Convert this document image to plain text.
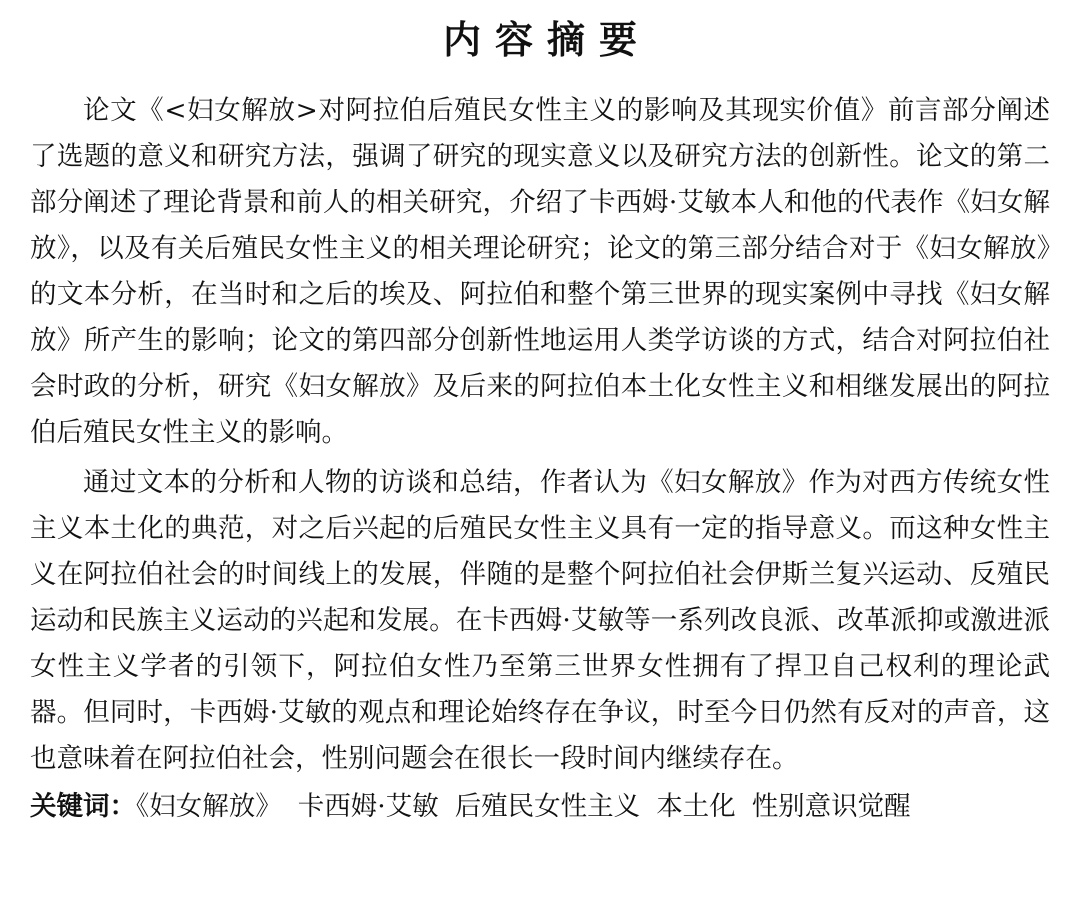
内容摘要

论文《<妇女解放>对阿拉伯后殖民女性主义的影响及其现实价值》前言部分阐述了选题的意义和研究方法，强调了研究的现实意义以及研究方法的创新性。论文的第二部分阐述了理论背景和前人的相关研究，介绍了卡西姆·艾敏本人和他的代表作《妇女解放》，以及有关后殖民女性主义的相关理论研究；论文的第三部分结合对于《妇女解放》的文本分析，在当时和之后的埃及、阿拉伯和整个第三世界的现实案例中寻找《妇女解放》所产生的影响；论文的第四部分创新性地运用人类学访谈的方式，结合对阿拉伯社会时政的分析，研究《妇女解放》及后来的阿拉伯本土化女性主义和相继发展出的阿拉伯后殖民女性主义的影响。

通过文本的分析和人物的访谈和总结，作者认为《妇女解放》作为对西方传统女性主义本土化的典范，对之后兴起的后殖民女性主义具有一定的指导意义。而这种女性主义在阿拉伯社会的时间线上的发展，伴随的是整个阿拉伯社会伊斯兰复兴运动、反殖民运动和民族主义运动的兴起和发展。在卡西姆·艾敏等一系列改良派、改革派抑或激进派女性主义学者的引领下，阿拉伯女性乃至第三世界女性拥有了捍卫自己权利的理论武器。但同时，卡西姆·艾敏的观点和理论始终存在争议，时至今日仍然有反对的声音，这也意味着在阿拉伯社会，性别问题会在很长一段时间内继续存在。

关键词：《妇女解放》 卡西姆·艾敏 后殖民女性主义 本土化 性别意识觉醒
